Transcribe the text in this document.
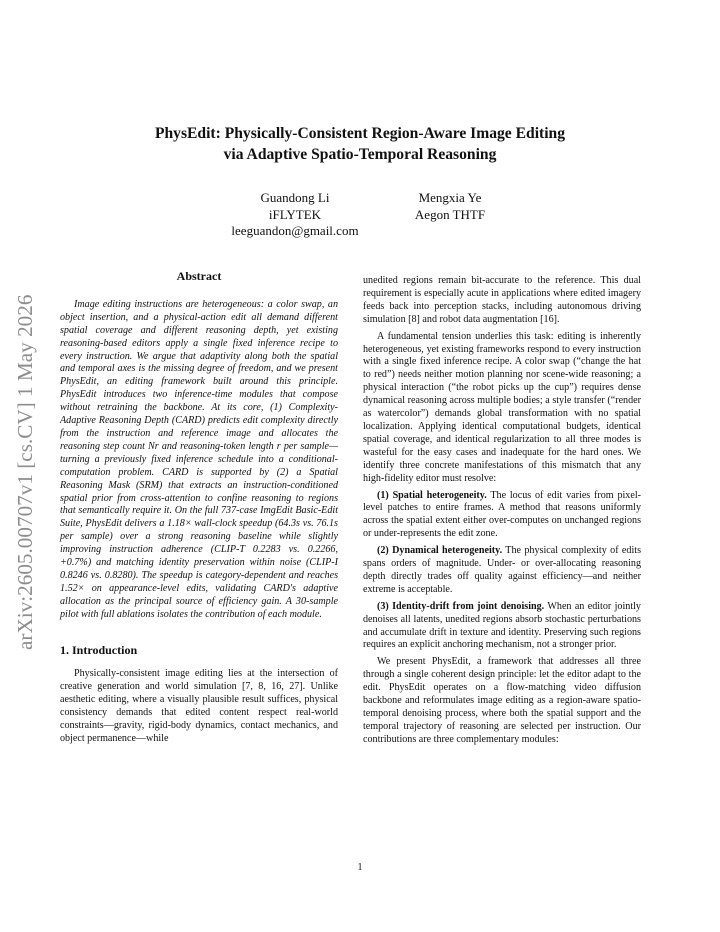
PhysEdit: Physically-Consistent Region-Aware Image Editing
via Adaptive Spatio-Temporal Reasoning
Guandong Li
iFLYTEK
leeguandon@gmail.com
Mengxia Ye
Aegon THTF
arXiv:2605.00707v1 [cs.CV] 1 May 2026

Abstract

Image editing instructions are heterogeneous: a color swap, an object insertion, and a physical-action edit all demand different spatial coverage and different reasoning depth, yet existing reasoning-based editors apply a single fixed inference recipe to every instruction. We argue that adaptivity along both the spatial and temporal axes is the missing degree of freedom, and we present PhysEdit, an editing framework built around this principle. PhysEdit introduces two inference-time modules that compose without retraining the backbone. At its core, (1) Complexity-Adaptive Reasoning Depth (CARD) predicts edit complexity directly from the instruction and reference image and allocates the reasoning step count Nr and reasoning-token length r per sample—turning a previously fixed inference schedule into a conditional-computation problem. CARD is supported by (2) a Spatial Reasoning Mask (SRM) that extracts an instruction-conditioned spatial prior from cross-attention to confine reasoning to regions that semantically require it. On the full 737-case ImgEdit Basic-Edit Suite, PhysEdit delivers a 1.18× wall-clock speedup (64.3s vs. 76.1s per sample) over a strong reasoning baseline while slightly improving instruction adherence (CLIP-T 0.2283 vs. 0.2266, +0.7%) and matching identity preservation within noise (CLIP-I 0.8246 vs. 0.8280). The speedup is category-dependent and reaches 1.52× on appearance-level edits, validating CARD's adaptive allocation as the principal source of efficiency gain. A 30-sample pilot with full ablations isolates the contribution of each module.

1. Introduction

Physically-consistent image editing lies at the intersection of creative generation and world simulation [7, 8, 16, 27]. Unlike aesthetic editing, where a visually plausible result suffices, physical consistency demands that edited content respect real-world constraints—gravity, rigid-body dynamics, contact mechanics, and object permanence—while

unedited regions remain bit-accurate to the reference. This dual requirement is especially acute in applications where edited imagery feeds back into perception stacks, including autonomous driving simulation [8] and robot data augmentation [16].

A fundamental tension underlies this task: editing is inherently heterogeneous, yet existing frameworks respond to every instruction with a single fixed inference recipe. A color swap (“change the hat to red”) needs neither motion planning nor scene-wide reasoning; a physical interaction (“the robot picks up the cup”) requires dense dynamical reasoning across multiple bodies; a style transfer (“render as watercolor”) demands global transformation with no spatial localization. Applying identical computational budgets, identical spatial coverage, and identical regularization to all three modes is wasteful for the easy cases and inadequate for the hard ones. We identify three concrete manifestations of this mismatch that any high-fidelity editor must resolve:

(1) Spatial heterogeneity. The locus of edit varies from pixel-level patches to entire frames. A method that reasons uniformly across the spatial extent either over-computes on unchanged regions or under-represents the edit zone.

(2) Dynamical heterogeneity. The physical complexity of edits spans orders of magnitude. Under- or over-allocating reasoning depth directly trades off quality against efficiency—and neither extreme is acceptable.

(3) Identity-drift from joint denoising. When an editor jointly denoises all latents, unedited regions absorb stochastic perturbations and accumulate drift in texture and identity. Preserving such regions requires an explicit anchoring mechanism, not a stronger prior.

We present PhysEdit, a framework that addresses all three through a single coherent design principle: let the editor adapt to the edit. PhysEdit operates on a flow-matching video diffusion backbone and reformulates image editing as a region-aware spatio-temporal denoising process, where both the spatial support and the temporal trajectory of reasoning are selected per instruction. Our contributions are three complementary modules:

1
